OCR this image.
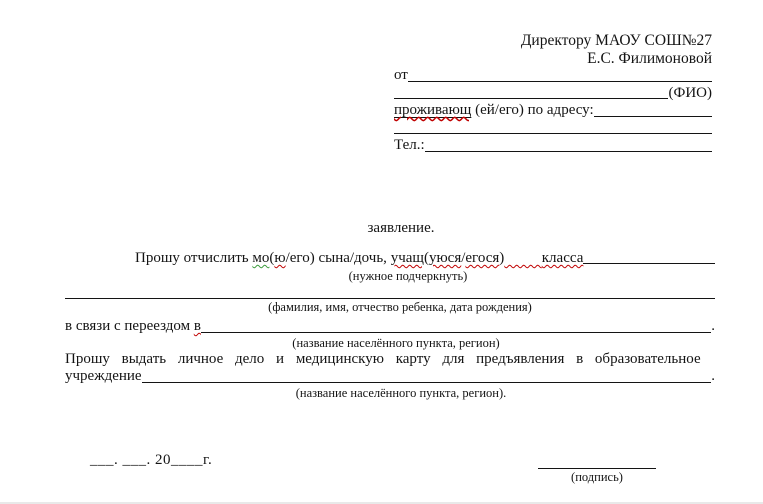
Директору МАОУ СОШ№27
Е.С. Филимоновой
от
(ФИО)
проживающ (ей/его) по адресу:
Тел.:
заявление.
Прошу отчислить мо(ю/его) сына/дочь, учащ(уюся/егося)	класса
(нужное подчеркнуть)
(фамилия, имя, отчество ребенка, дата рождения)
в связи с переездом в	.
(название населённого пункта, регион)
Прошу выдать личное дело и медицинскую карту для предъявления в образовательное
учреждение	.
(название населённого пункта, регион).
___. ___. 20____г.
(подпись)
